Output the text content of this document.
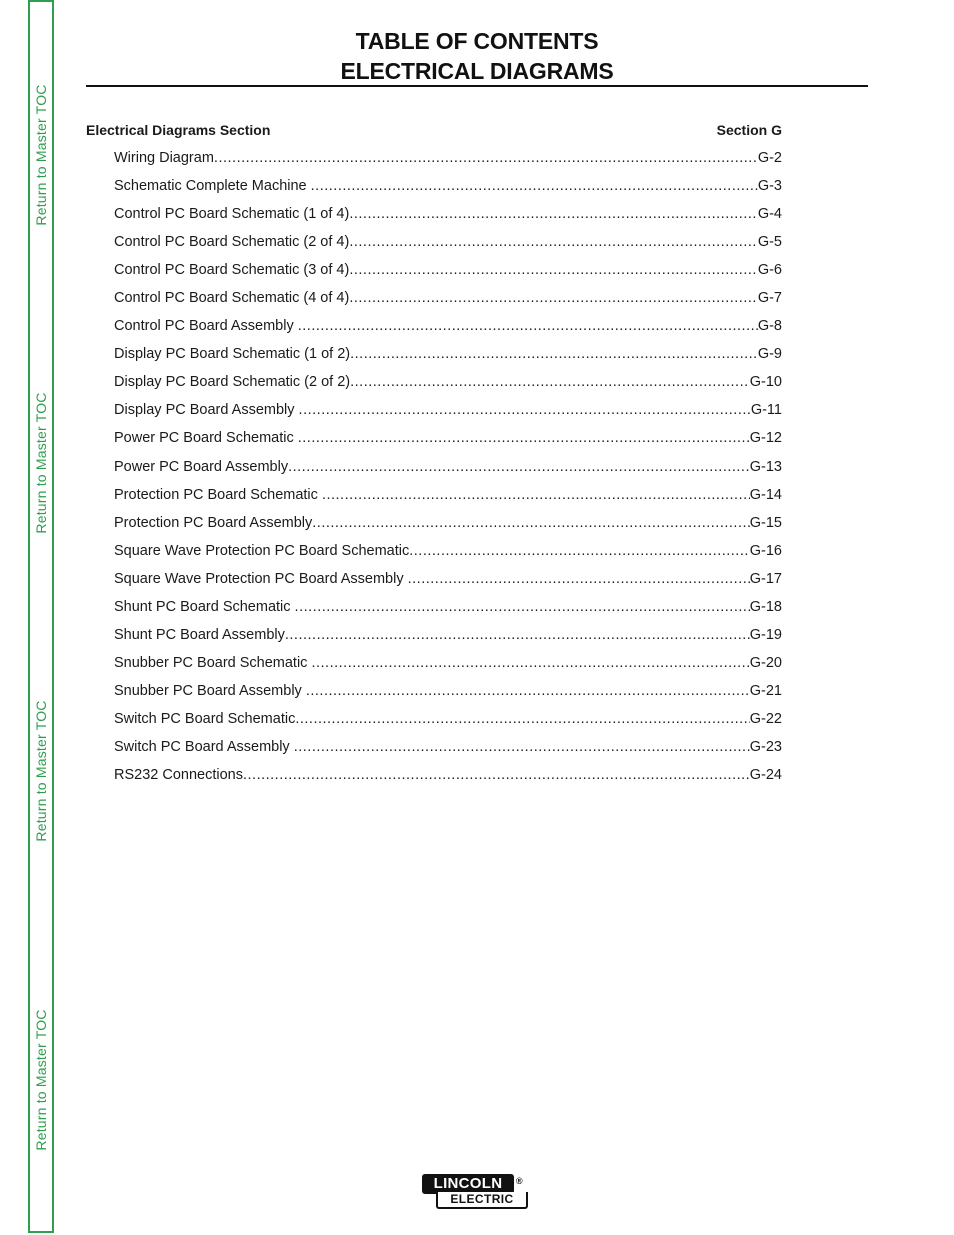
Return to Master TOC
Return to Master TOC
Return to Master TOC
Return to Master TOC
TABLE OF CONTENTS
ELECTRICAL DIAGRAMS
Electrical Diagrams Section	Section G
Wiring Diagram .....	G-2
Schematic Complete Machine .....	G-3
Control PC Board Schematic (1 of 4) .....	G-4
Control PC Board Schematic (2 of 4) .....	G-5
Control PC Board Schematic (3 of 4) .....	G-6
Control PC Board Schematic (4 of 4) .....	G-7
Control PC Board Assembly .....	G-8
Display PC Board Schematic (1 of 2) .....	G-9
Display PC Board Schematic (2 of 2) .....	G-10
Display PC Board Assembly .....	G-11
Power PC Board Schematic .....	G-12
Power PC Board Assembly .....	G-13
Protection PC Board Schematic .....	G-14
Protection PC Board Assembly .....	G-15
Square Wave Protection PC Board Schematic .....	G-16
Square Wave Protection PC Board Assembly .....	G-17
Shunt PC Board Schematic .....	G-18
Shunt PC Board Assembly .....	G-19
Snubber PC Board Schematic .....	G-20
Snubber PC Board Assembly .....	G-21
Switch PC Board Schematic .....	G-22
Switch PC Board Assembly .....	G-23
RS232 Connections .....	G-24
LINCOLN
ELECTRIC
®
